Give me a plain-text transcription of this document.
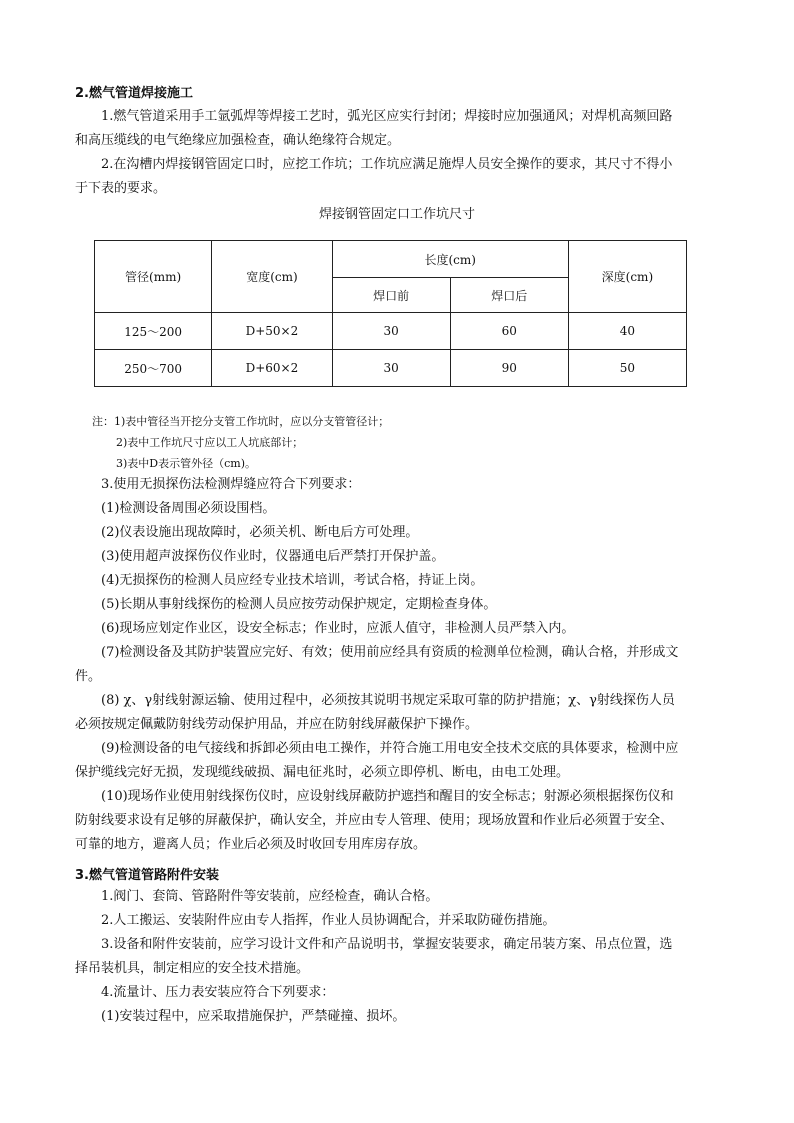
2.燃气管道焊接施工

1.燃气管道采用手工氩弧焊等焊接工艺时，弧光区应实行封闭；焊接时应加强通风；对焊机高频回路
和高压缆线的电气绝缘应加强检查，确认绝缘符合规定。

2.在沟槽内焊接钢管固定口时，应挖工作坑；工作坑应满足施焊人员安全操作的要求，其尺寸不得小
于下表的要求。

焊接钢管固定口工作坑尺寸

管径(mm)	宽度(cm)	长度(cm)		深度(cm)
		焊口前	焊口后	
125～200	D+50×2	30	60	40
250～700	D+60×2	30	90	50
注：1)表中管径当开挖分支管工作坑时，应以分支管管径计；
2)表中工作坑尺寸应以工人坑底部计；
3)表中D表示管外径（cm)。

3.使用无损探伤法检测焊缝应符合下列要求：

(1)检测设备周围必须设围档。

(2)仪表设施出现故障时，必须关机、断电后方可处理。

(3)使用超声波探伤仪作业时，仪器通电后严禁打开保护盖。

(4)无损探伤的检测人员应经专业技术培训，考试合格，持证上岗。

(5)长期从事射线探伤的检测人员应按劳动保护规定，定期检查身体。

(6)现场应划定作业区，设安全标志；作业时，应派人值守，非检测人员严禁入内。

(7)检测设备及其防护装置应完好、有效；使用前应经具有资质的检测单位检测，确认合格，并形成文
件。

(8) χ、γ射线射源运输、使用过程中，必须按其说明书规定采取可靠的防护措施；χ、γ射线探伤人员
必须按规定佩戴防射线劳动保护用品，并应在防射线屏蔽保护下操作。

(9)检测设备的电气接线和拆卸必须由电工操作，并符合施工用电安全技术交底的具体要求，检测中应
保护缆线完好无损，发现缆线破损、漏电征兆时，必须立即停机、断电，由电工处理。

(10)现场作业使用射线探伤仪时，应设射线屏蔽防护遮挡和醒目的安全标志；射源必须根据探伤仪和
防射线要求设有足够的屏蔽保护，确认安全，并应由专人管理、使用；现场放置和作业后必须置于安全、
可靠的地方，避离人员；作业后必须及时收回专用库房存放。

3.燃气管道管路附件安装

1.阀门、套筒、管路附件等安装前，应经检查，确认合格。

2.人工搬运、安装附件应由专人指挥，作业人员协调配合，并采取防碰伤措施。

3.设备和附件安装前，应学习设计文件和产品说明书，掌握安装要求，确定吊装方案、吊点位置，选
择吊装机具，制定相应的安全技术措施。

4.流量计、压力表安装应符合下列要求：

(1)安装过程中，应采取措施保护，严禁碰撞、损坏。
